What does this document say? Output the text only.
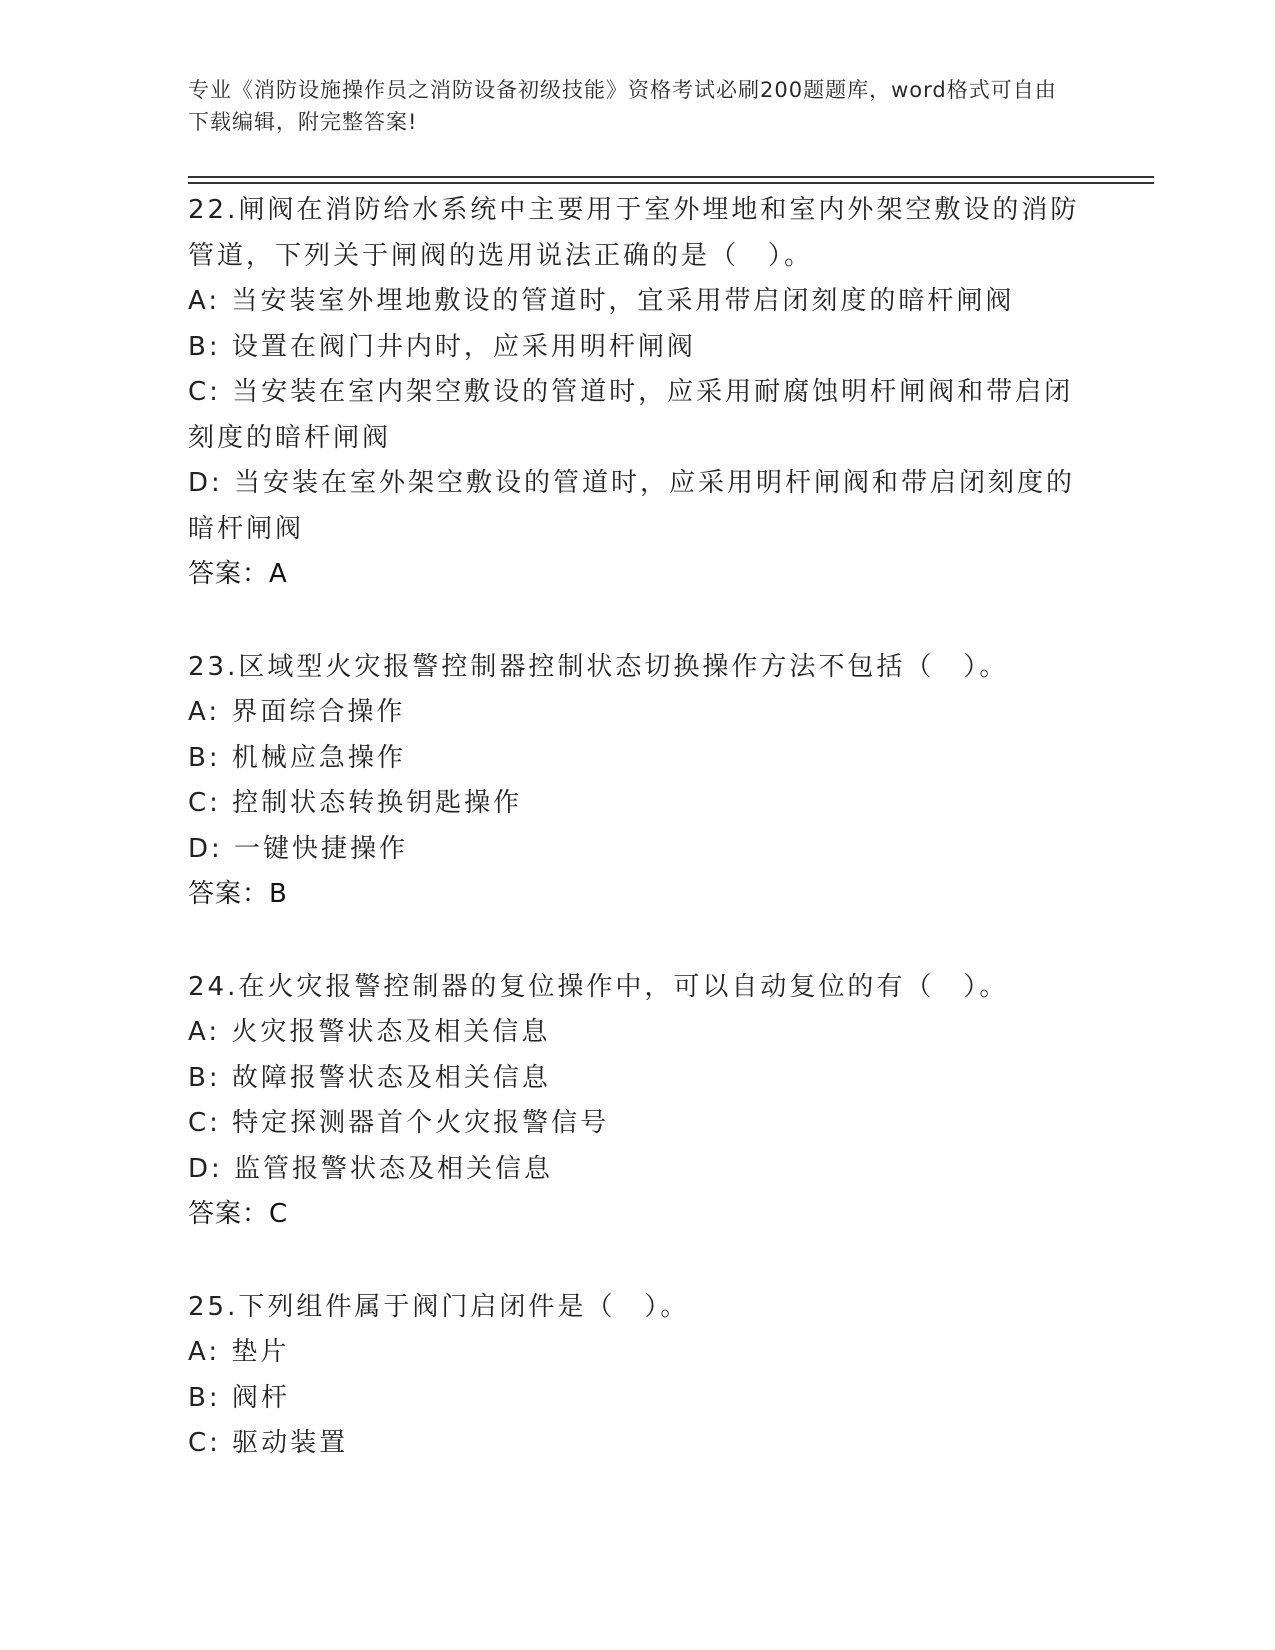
专业《消防设施操作员之消防设备初级技能》资格考试必刷200题题库，word格式可自由下载编辑，附完整答案!

22.闸阀在消防给水系统中主要用于室外埋地和室内外架空敷设的消防管道，下列关于闸阀的选用说法正确的是（　）。

A: 当安装室外埋地敷设的管道时，宜采用带启闭刻度的暗杆闸阀

B: 设置在阀门井内时，应采用明杆闸阀

C: 当安装在室内架空敷设的管道时，应采用耐腐蚀明杆闸阀和带启闭刻度的暗杆闸阀

D: 当安装在室外架空敷设的管道时，应采用明杆闸阀和带启闭刻度的暗杆闸阀

答案：A

23.区域型火灾报警控制器控制状态切换操作方法不包括（　）。

A: 界面综合操作

B: 机械应急操作

C: 控制状态转换钥匙操作

D: 一键快捷操作

答案：B

24.在火灾报警控制器的复位操作中，可以自动复位的有（　）。

A: 火灾报警状态及相关信息

B: 故障报警状态及相关信息

C: 特定探测器首个火灾报警信号

D: 监管报警状态及相关信息

答案：C

25.下列组件属于阀门启闭件是（　）。

A: 垫片

B: 阀杆

C: 驱动装置
